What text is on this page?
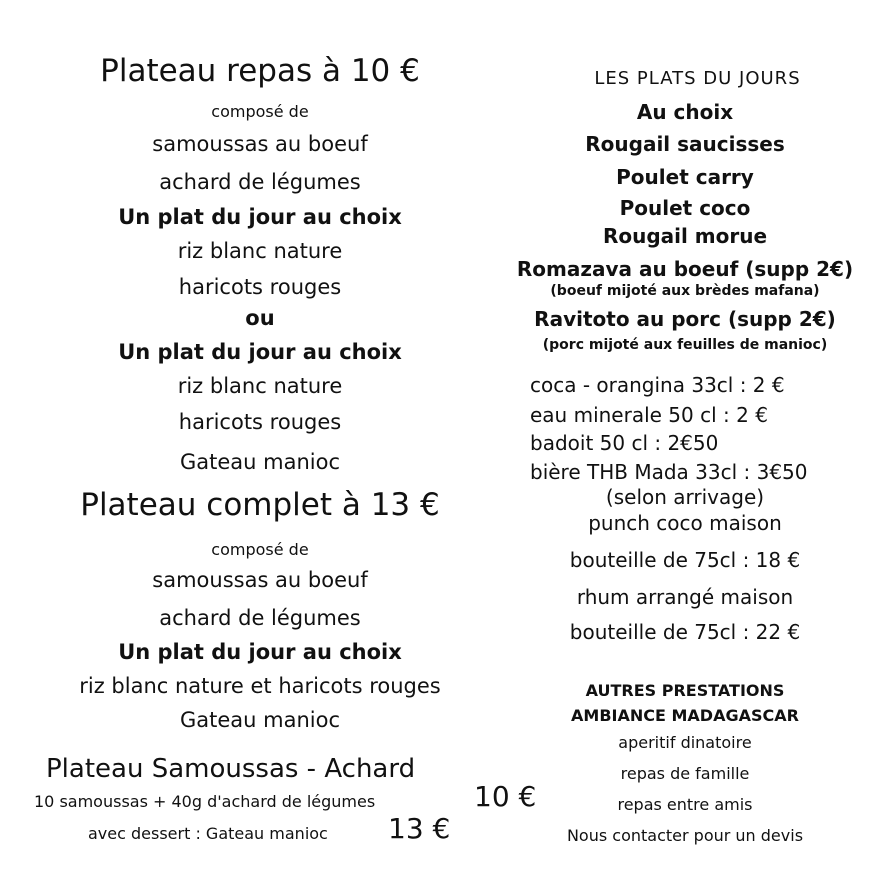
Plateau repas à 10 €
composé de
samoussas au boeuf
achard de légumes
Un plat du jour au choix
riz blanc nature
haricots rouges
ou
Un plat du jour au choix
riz blanc nature
haricots rouges
Gateau manioc
Plateau complet à 13 €
composé de
samoussas au boeuf
achard de légumes
Un plat du jour au choix
riz blanc nature et haricots rouges
Gateau manioc
Plateau Samoussas - Achard
10 samoussas + 40g d'achard de légumes	10 €
avec dessert : Gateau manioc 13 €
LES PLATS DU JOURS
Au choix
Rougail saucisses
Poulet carry
Poulet coco
Rougail morue
Romazava au boeuf (supp 2€)
(boeuf mijoté aux brèdes mafana)
Ravitoto au porc (supp 2€)
(porc mijoté aux feuilles de manioc)
coca - orangina 33cl : 2 €
eau minerale 50 cl : 2 €
badoit 50 cl : 2€50
bière THB Mada 33cl : 3€50
(selon arrivage)
punch coco maison
bouteille de 75cl : 18 €
rhum arrangé maison
bouteille de 75cl : 22 €
AUTRES PRESTATIONS
AMBIANCE MADAGASCAR
aperitif dinatoire
repas de famille
repas entre amis
Nous contacter pour un devis
